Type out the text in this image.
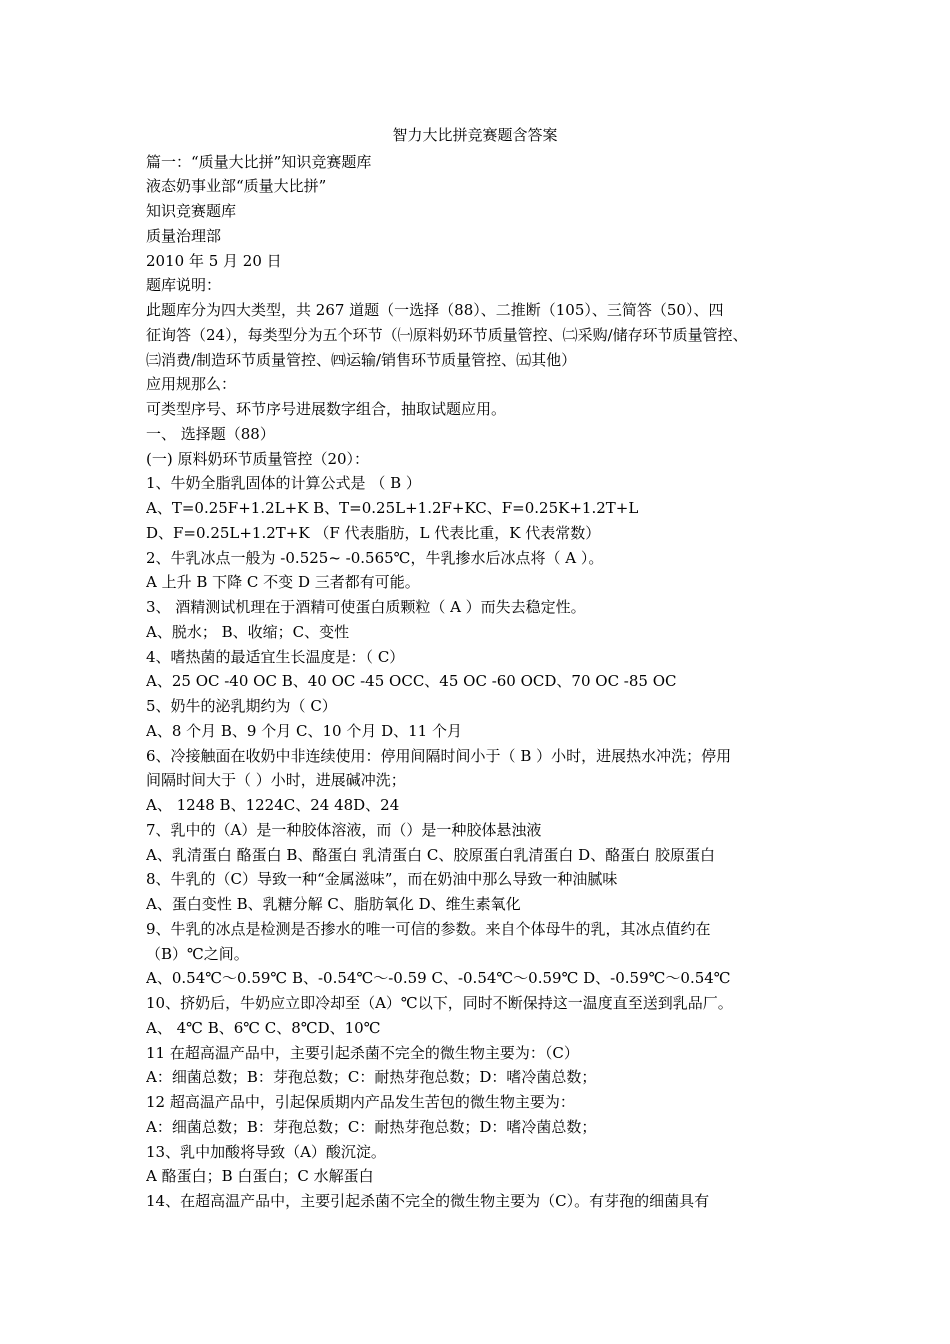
智力大比拼竞赛题含答案
篇一：“质量大比拼”知识竞赛题库
液态奶事业部“质量大比拼”
知识竞赛题库
质量治理部
2010 年 5 月 20 日
题库说明：
此题库分为四大类型，共 267 道题（一选择（88）、二推断（105）、三简答（50）、四
征询答（24），每类型分为五个环节（㈠原料奶环节质量管控、㈡采购/储存环节质量管控、
㈢消费/制造环节质量管控、㈣运输/销售环节质量管控、㈤其他）
应用规那么：
可类型序号、环节序号进展数字组合，抽取试题应用。
一、 选择题（88）
(一) 原料奶环节质量管控（20）：
1、牛奶全脂乳固体的计算公式是 （ B ）
A、T=0.25F+1.2L+K B、T=0.25L+1.2F+KC、F=0.25K+1.2T+L
D、F=0.25L+1.2T+K （F 代表脂肪，L 代表比重，K 代表常数）
2、牛乳冰点一般为 -0.525~ -0.565℃，牛乳掺水后冰点将（ A ）。
A 上升 B 下降 C 不变 D 三者都有可能。
3、 酒精测试机理在于酒精可使蛋白质颗粒（ A ）而失去稳定性。
A、脱水； B、收缩；C、变性
4、嗜热菌的最适宜生长温度是：（ C）
A、25 OC -40 OC B、40 OC -45 OCC、45 OC -60 OCD、70 OC -85 OC
5、奶牛的泌乳期约为（ C）
A、8 个月 B、9 个月 C、10 个月 D、11 个月
6、冷接触面在收奶中非连续使用：停用间隔时间小于（ B ）小时，进展热水冲洗；停用
间隔时间大于（ ）小时，进展碱冲洗；
A、 1248 B、1224C、24 48D、24
7、乳中的（A）是一种胶体溶液，而（）是一种胶体悬浊液
A、乳清蛋白 酪蛋白 B、酪蛋白 乳清蛋白 C、胶原蛋白乳清蛋白 D、酪蛋白 胶原蛋白
8、牛乳的（C）导致一种“金属滋味”，而在奶油中那么导致一种油腻味
A、蛋白变性 B、乳糖分解 C、脂肪氧化 D、维生素氧化
9、牛乳的冰点是检测是否掺水的唯一可信的参数。来自个体母牛的乳，其冰点值约在
（B）℃之间。
A、0.54℃～0.59℃ B、-0.54℃～-0.59 C、-0.54℃～0.59℃ D、-0.59℃～0.54℃
10、挤奶后，牛奶应立即冷却至（A）℃以下，同时不断保持这一温度直至送到乳品厂。
A、 4℃ B、6℃ C、8℃D、10℃
11 在超高温产品中，主要引起杀菌不完全的微生物主要为：（C）
A：细菌总数；B：芽孢总数；C：耐热芽孢总数；D：嗜冷菌总数；
12 超高温产品中，引起保质期内产品发生苦包的微生物主要为：
A：细菌总数；B：芽孢总数；C：耐热芽孢总数；D：嗜冷菌总数；
13、乳中加酸将导致（A）酸沉淀。
A 酪蛋白；B 白蛋白；C 水解蛋白
14、在超高温产品中，主要引起杀菌不完全的微生物主要为（C）。有芽孢的细菌具有
